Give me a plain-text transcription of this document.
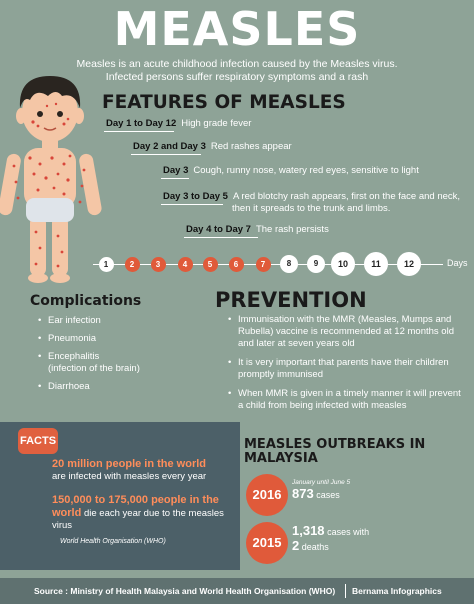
MEASLES
Measles is an acute childhood infection caused by the Measles virus. Infected persons suffer respiratory symptoms and a rash
FEATURES OF MEASLES
Day 1 to Day 12 High grade fever
Day 2 and Day 3 Red rashes appear
Day 3 Cough, runny nose, watery red eyes, sensitive to light
Day 3 to Day 5 A red blotchy rash appears, first on the face and neck,
then it spreads to the trunk and limbs.
Day 4 to Day 7 The rash persists
1	2	3	4	5	6	7	8	9	10	11	12	Days
Complications
• Ear infection
• Pneumonia
• Encephalitis
(infection of the brain)
• Diarrhoea
PREVENTION
• Immunisation with the MMR (Measles, Mumps and Rubella) vaccine is recommended at 12 months old and later at seven years old
• It is very important that parents have their children promptly immunised
• When MMR is given in a timely manner it will prevent a child from being infected with measles
FACTS
20 million people in the world
are infected with measles every year
150,000 to 175,000 people in the
world die each year due to the measles virus
World Health Organisation (WHO)
MEASLES OUTBREAKS IN MALAYSIA
2016
January until June 5
873 cases
2015
1,318 cases with
2 deaths
Source : Ministry of Health Malaysia and World Health Organisation (WHO) Bernama Infographics
